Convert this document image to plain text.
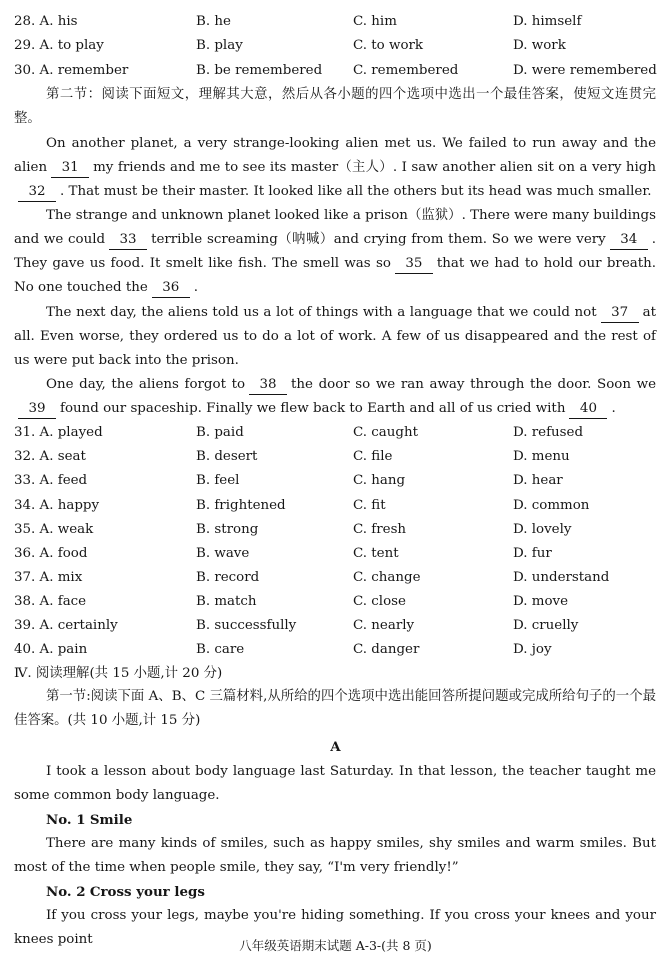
28. A. his	B. he	C. him	D. himself
29. A. to play	B. play	C. to work	D. work
30. A. remember	B. be remembered C. remembered	D. were remembered
第二节：阅读下面短文，理解其大意，然后从各小题的四个选项中选出一个最佳答案，使短文连贯完整。
On another planet, a very strange-looking alien met us. We failed to run away and the alien 31 my friends and me to see its master（主人）. I saw another alien sit on a very high32 . That must be their master. It looked like all the others but its head was much smaller.
The strange and unknown planet looked like a prison（监狱）. There were many buildings and we could 33 terrible screaming（呐喊）and crying from them. So we were very 34 . They gave us food. It smelt like fish. The smell was so 35 that we had to hold our breath. No one touched the 36 .
The next day, the aliens told us a lot of things with a language that we could not 37 at all. Even worse, they ordered us to do a lot of work. A few of us disappeared and the rest of us were put back into the prison.
One day, the aliens forgot to 38 the door so we ran away through the door. Soon we39 found our spaceship. Finally we flew back to Earth and all of us cried with 40 .
31. A. played	B. paid	C. caught	D. refused
32. A. seat	B. desert	C. file	D. menu
33. A. feed	B. feel	C. hang	D. hear
34. A. happy	B. frightened	C. fit	D. common
35. A. weak	B. strong	C. fresh	D. lovely
36. A. food	B. wave	C. tent	D. fur
37. A. mix	B. record	C. change	D. understand
38. A. face	B. match	C. close	D. move
39. A. certainly	B. successfully	C. nearly	D. cruelly
40. A. pain	B. care	C. danger	D. joy
Ⅳ. 阅读理解(共 15 小题,计 20 分)
第一节:阅读下面 A、B、C 三篇材料,从所给的四个选项中选出能回答所提问题或完成所给句子的一个最佳答案。(共 10 小题,计 15 分)
A
I took a lesson about body language last Saturday. In that lesson, the teacher taught me some common body language.
No. 1 Smile
There are many kinds of smiles, such as happy smiles, shy smiles and warm smiles. But most of the time when people smile, they say, “I'm very friendly!”
No. 2 Cross your legs
If you cross your legs, maybe you're hiding something. If you cross your knees and your knees point	八年级英语期末试题 A-3-(共 8 页)
